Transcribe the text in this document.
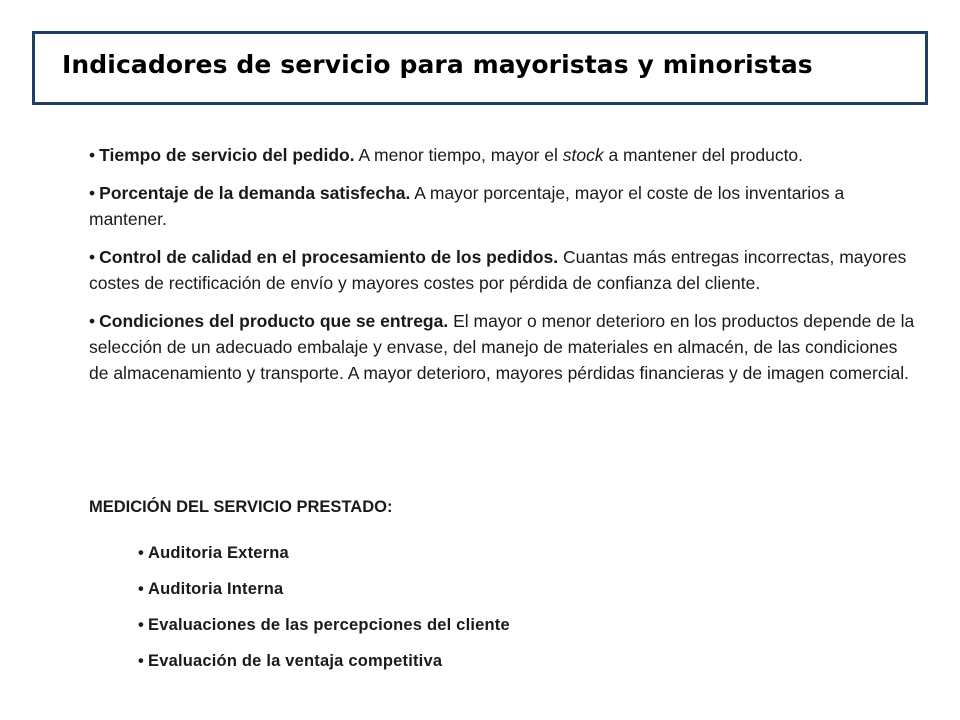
Indicadores de servicio para mayoristas y minoristas
• Tiempo de servicio del pedido. A menor tiempo, mayor el stock a mantener del producto.
• Porcentaje de la demanda satisfecha. A mayor porcentaje, mayor el coste de los inventarios a mantener.
• Control de calidad en el procesamiento de los pedidos. Cuantas más entregas incorrectas, mayores costes de rectificación de envío y mayores costes por pérdida de confianza del cliente.
• Condiciones del producto que se entrega. El mayor o menor deterioro en los productos depende de la selección de un adecuado embalaje y envase, del manejo de materiales en almacén, de las condiciones de almacenamiento y transporte. A mayor deterioro, mayores pérdidas financieras y de imagen comercial.
MEDICIÓN DEL SERVICIO PRESTADO:
• Auditoria Externa
• Auditoria Interna
• Evaluaciones de las percepciones del cliente
• Evaluación de la ventaja competitiva
